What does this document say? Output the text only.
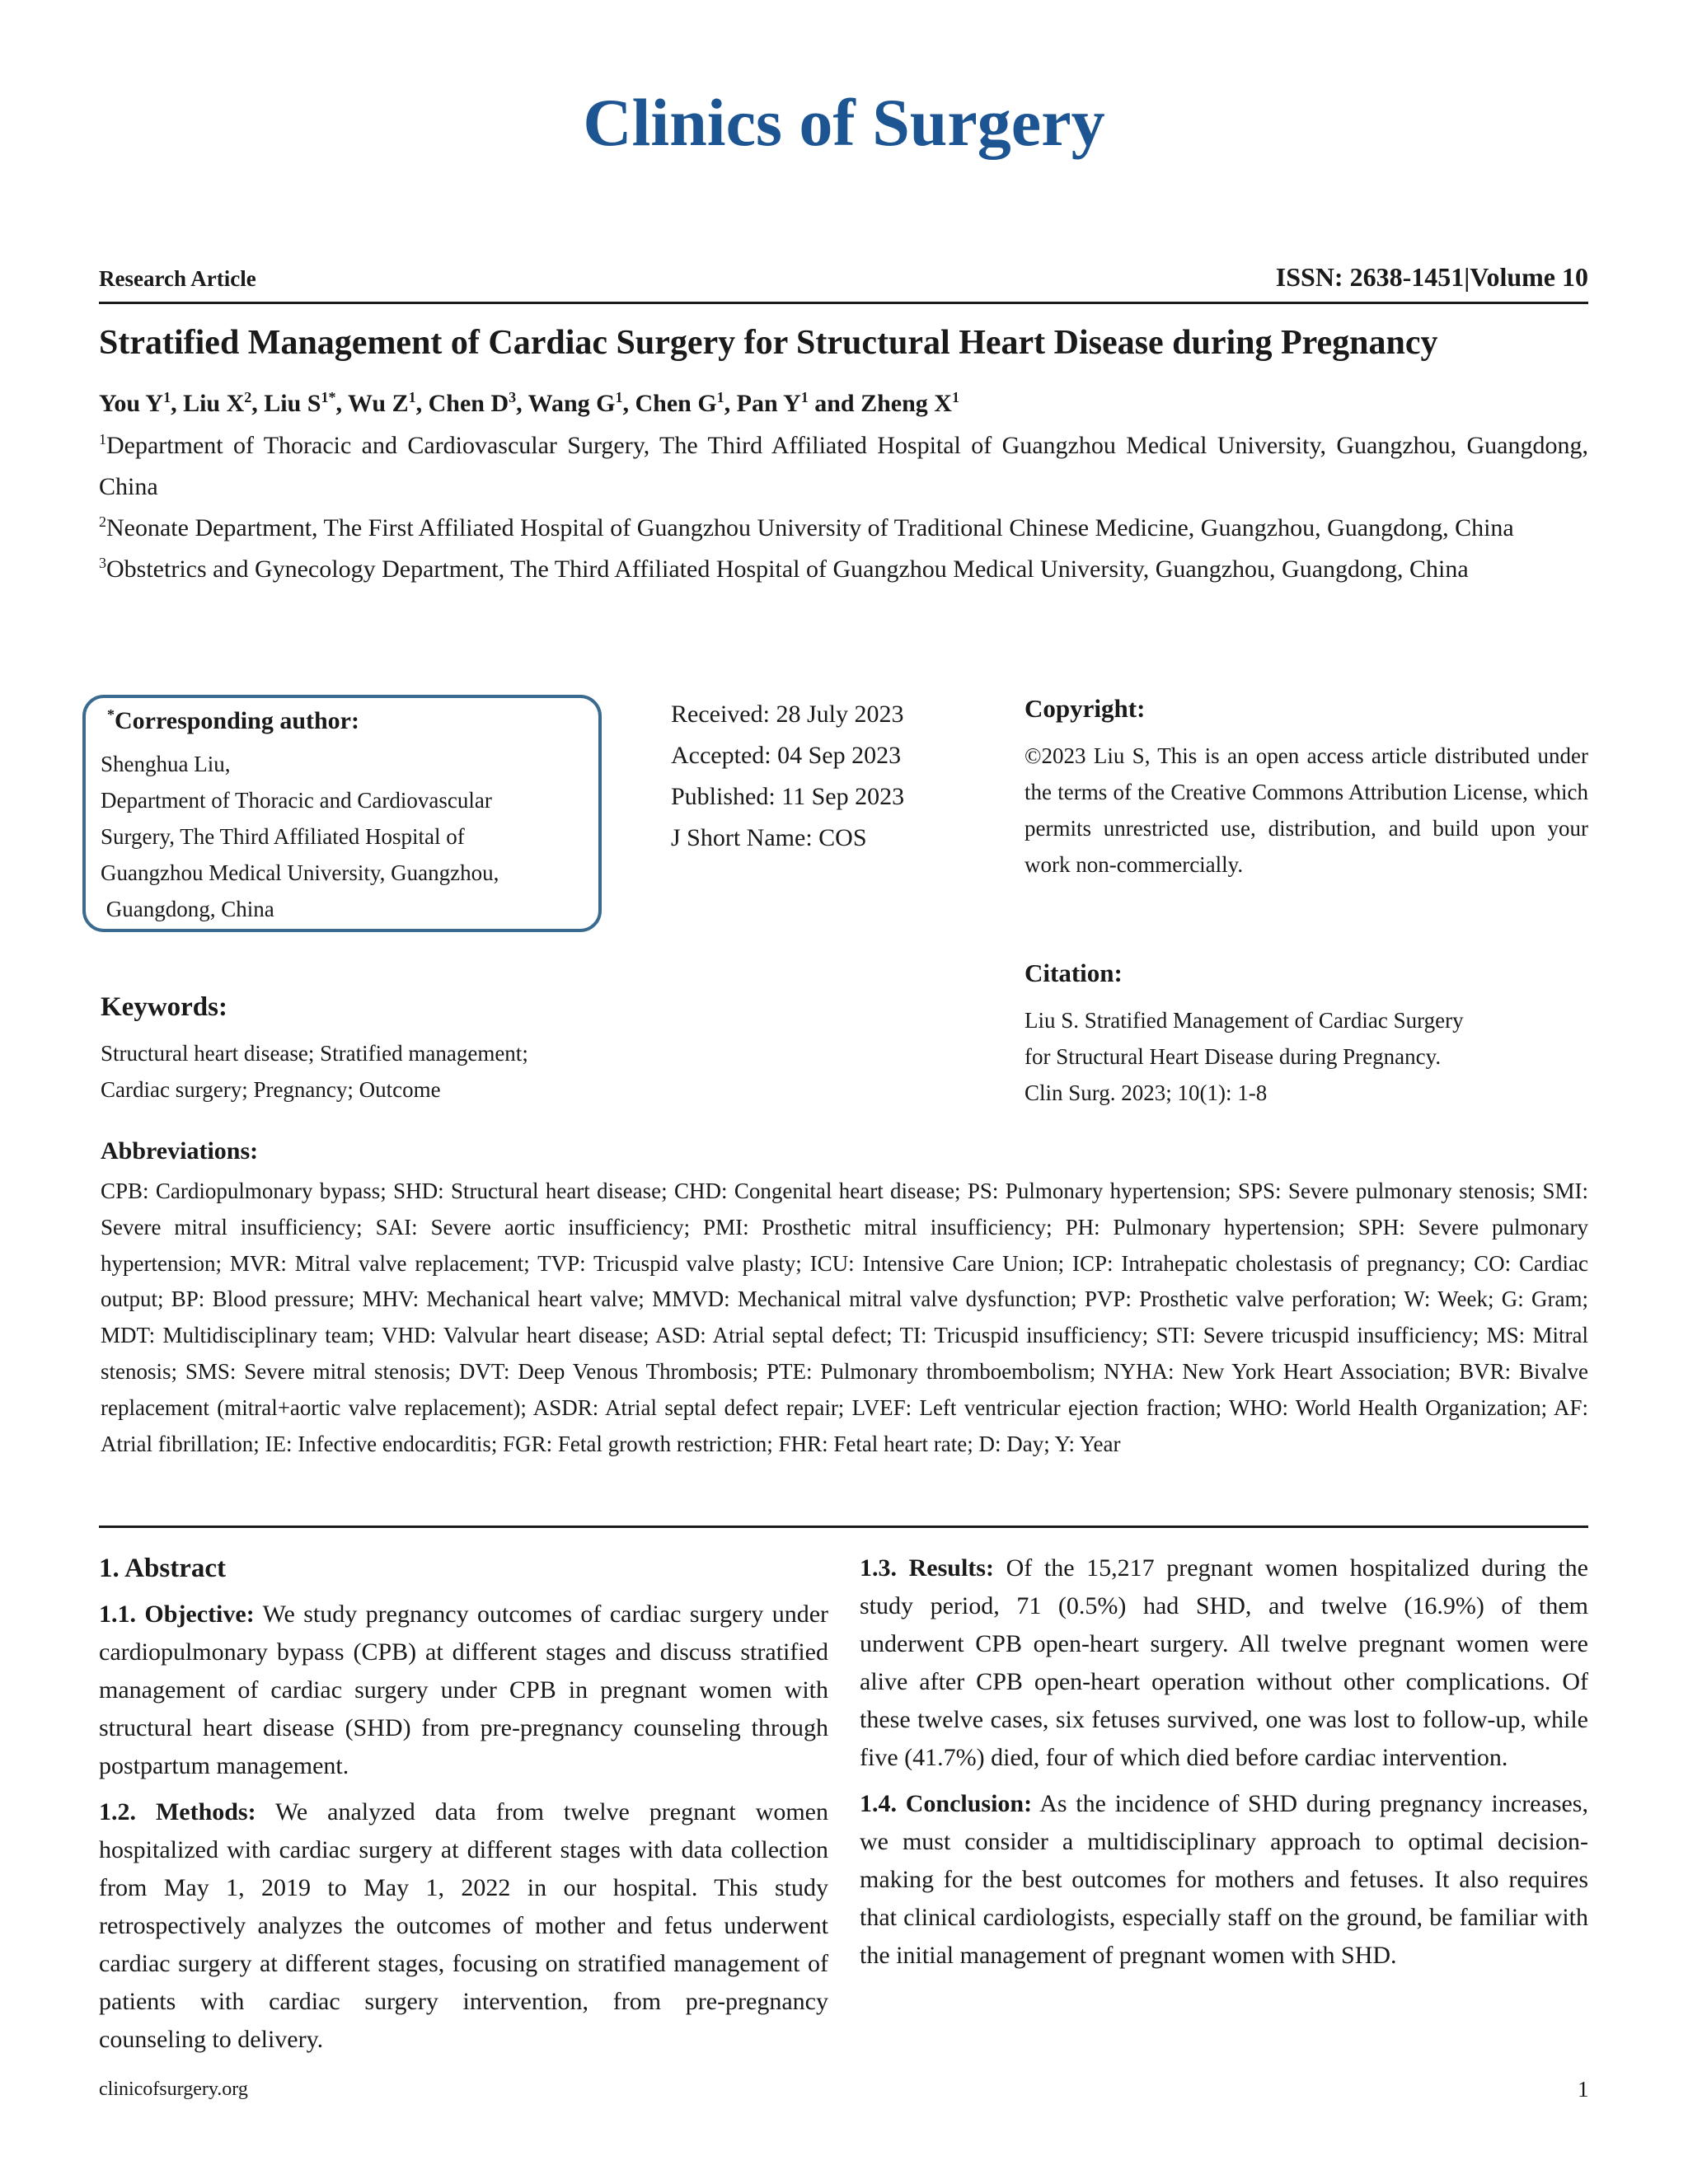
Clinics of Surgery
Research Article	ISSN: 2638-1451|Volume 10
Stratified Management of Cardiac Surgery for Structural Heart Disease during Pregnancy
You $Y^1$, Liu $X^2$, Liu $S^{1*}$, Wu $Z^1$, Chen $D^3$, Wang $G^1$, Chen $G^1$, Pan $Y^1$ and Zheng $X^1$

$^1$Department of Thoracic and Cardiovascular Surgery, The Third Affiliated Hospital of Guangzhou Medical University, Guangzhou, Guangdong, China

$^2$Neonate Department, The First Affiliated Hospital of Guangzhou University of Traditional Chinese Medicine, Guangzhou, Guangdong, China

$^3$Obstetrics and Gynecology Department, The Third Affiliated Hospital of Guangzhou Medical University, Guangzhou, Guangdong, China

*Corresponding author:
Shenghua Liu,
Department of Thoracic and Cardiovascular
Surgery, The Third Affiliated Hospital of
Guangzhou Medical University, Guangzhou,
Guangdong, China
Received: 28 July 2023
Accepted: 04 Sep 2023
Published: 11 Sep 2023
J Short Name: COS
Copyright:
©2023 Liu S, This is an open access article distributed under the terms of the Creative Commons Attribution License, which permits unrestricted use, distribution, and build upon your work non-commercially.
Citation:
Liu S. Stratified Management of Cardiac Surgery
for Structural Heart Disease during Pregnancy.
Clin Surg. 2023; 10(1): 1-8
Keywords:
Structural heart disease; Stratified management;
Cardiac surgery; Pregnancy; Outcome
Abbreviations:

CPB: Cardiopulmonary bypass; SHD: Structural heart disease; CHD: Congenital heart disease; PS: Pulmonary hypertension; SPS: Severe pulmonary stenosis; SMI: Severe mitral insufficiency; SAI: Severe aortic insufficiency; PMI: Prosthetic mitral insufficiency; PH: Pulmonary hypertension; SPH: Severe pulmonary hypertension; MVR: Mitral valve replacement; TVP: Tricuspid valve plasty; ICU: Intensive Care Union; ICP: Intrahepatic cholestasis of pregnancy; CO: Cardiac output; BP: Blood pressure; MHV: Mechanical heart valve; MMVD: Mechanical mitral valve dysfunction; PVP: Prosthetic valve perforation; W: Week; G: Gram; MDT: Multidisciplinary team; VHD: Valvular heart disease; ASD: Atrial septal defect; TI: Tricuspid insufficiency; STI: Severe tricuspid insufficiency; MS: Mitral stenosis; SMS: Severe mitral stenosis; DVT: Deep Venous Thrombosis; PTE: Pulmonary thromboembolism; NYHA: New York Heart Association; BVR: Bivalve replacement (mitral+aortic valve replacement); ASDR: Atrial septal defect repair; LVEF: Left ventricular ejection fraction; WHO: World Health Organization; AF: Atrial fibrillation; IE: Infective endocarditis; FGR: Fetal growth restriction; FHR: Fetal heart rate; D: Day; Y: Year

1. Abstract

1.1. Objective: We study pregnancy outcomes of cardiac surgery under cardiopulmonary bypass (CPB) at different stages and discuss stratified management of cardiac surgery under CPB in pregnant women with structural heart disease (SHD) from pre-pregnancy counseling through postpartum management.

1.2. Methods: We analyzed data from twelve pregnant women hospitalized with cardiac surgery at different stages with data collection from May 1, 2019 to May 1, 2022 in our hospital. This study retrospectively analyzes the outcomes of mother and fetus underwent cardiac surgery at different stages, focusing on stratified management of patients with cardiac surgery intervention, from pre-pregnancy counseling to delivery.

1.3. Results: Of the 15,217 pregnant women hospitalized during the study period, 71 (0.5%) had SHD, and twelve (16.9%) of them underwent CPB open-heart surgery. All twelve pregnant women were alive after CPB open-heart operation without other complications. Of these twelve cases, six fetuses survived, one was lost to follow-up, while five (41.7%) died, four of which died before cardiac intervention.

1.4. Conclusion: As the incidence of SHD during pregnancy increases, we must consider a multidisciplinary approach to optimal decision-making for the best outcomes for mothers and fetuses. It also requires that clinical cardiologists, especially staff on the ground, be familiar with the initial management of pregnant women with SHD.

clinicofsurgery.org	1
